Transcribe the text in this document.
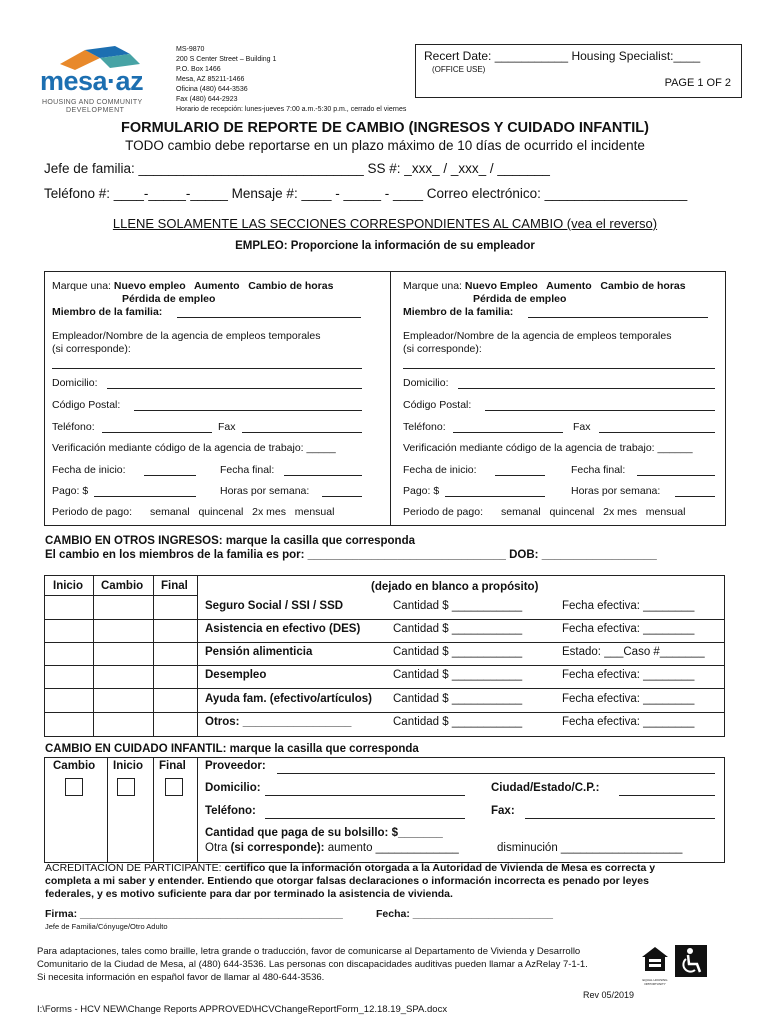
mesa·az
HOUSING AND COMMUNITY
DEVELOPMENT
MS-9870
200 S Center Street – Building 1
P.O. Box 1466
Mesa, AZ 85211-1466
Oficina (480) 644-3536
Fax (480) 644-2923
Horario de recepción: lunes-jueves 7:00 a.m.-5:30 p.m., cerrado el viernes
Recert Date: ___________ Housing Specialist:____
(OFFICE USE)
PAGE 1 OF 2
FORMULARIO DE REPORTE DE CAMBIO (INGRESOS Y CUIDADO INFANTIL)
TODO cambio debe reportarse en un plazo máximo de 10 días de ocurrido el incidente
Jefe de familia: ______________________________ SS #: _xxx_ / _xxx_ / _______
Teléfono #: ____-_____-_____ Mensaje #: ____ - _____ - ____ Correo electrónico: ___________________
LLENE SOLAMENTE LAS SECCIONES CORRESPONDIENTES AL CAMBIO (vea el reverso)
EMPLEO: Proporcione la información de su empleador
Marque una: Nuevo empleo   Aumento   Cambio de horas
Pérdida de empleo
Miembro de la familia:
Empleador/Nombre de la agencia de empleos temporales
(si corresponde):
Domicilio:
Código Postal:
Teléfono:	Fax
Verificación mediante código de la agencia de trabajo: _____
Fecha de inicio:	Fecha final:
Pago: $	Horas por semana:
Periodo de pago: semanal   quincenal   2x mes   mensual
Marque una: Nuevo Empleo   Aumento   Cambio de horas
Pérdida de empleo
Miembro de la familia:
Empleador/Nombre de la agencia de empleos temporales
(si corresponde):
Domicilio:
Código Postal:
Teléfono:	Fax
Verificación mediante código de la agencia de trabajo: ______
Fecha de inicio:	Fecha final:
Pago: $	Horas por semana:
Periodo de pago: semanal   quincenal   2x mes   mensual
CAMBIO EN OTROS INGRESOS: marque la casilla que corresponda
El cambio en los miembros de la familia es por: _______________________________ DOB: __________________
Inicio Cambio Final	(dejado en blanco a propósito)
Seguro Social / SSI / SSD	Cantidad $ ___________	Fecha efectiva: ________
Asistencia en efectivo (DES)	Cantidad $ ___________	Fecha efectiva: ________
Pensión alimenticia	Cantidad $ ___________	Estado: ___Caso #_______
Desempleo	Cantidad $ ___________	Fecha efectiva: ________
Ayuda fam. (efectivo/artículos) Cantidad $ ___________	Fecha efectiva: ________
Otros: _________________	Cantidad $ ___________	Fecha efectiva: ________
CAMBIO EN CUIDADO INFANTIL: marque la casilla que corresponda
Cambio Inicio Final Proveedor:
Domicilio:	Ciudad/Estado/C.P.:
Teléfono:	Fax:
Cantidad que paga de su bolsillo: $_______
Otra (si corresponde): aumento _____________	disminución ___________________
ACREDITACIÓN DE PARTICIPANTE: certifico que la información otorgada a la Autoridad de Vivienda de Mesa es correcta y
completa a mi saber y entender. Entiendo que otorgar falsas declaraciones o información incorrecta es penado por leyes
federales, y es motivo suficiente para dar por terminado la asistencia de vivienda.
Firma: _____________________________________________	Fecha: ________________________
Jefe de Familia/Cónyuge/Otro Adulto
Para adaptaciones, tales como braille, letra grande o traducción, favor de comunicarse al Departamento de Vivienda y Desarrollo
Comunitario de la Ciudad de Mesa, al (480) 644-3536. Las personas con discapacidades auditivas pueden llamar a AzRelay 7-1-1.
Si necesita información en español favor de llamar al 480-644-3536.	EQUAL HOUSING OPPORTUNITY
Rev 05/2019
I:\Forms - HCV NEW\Change Reports APPROVED\HCVChangeReportForm_12.18.19_SPA.docx
